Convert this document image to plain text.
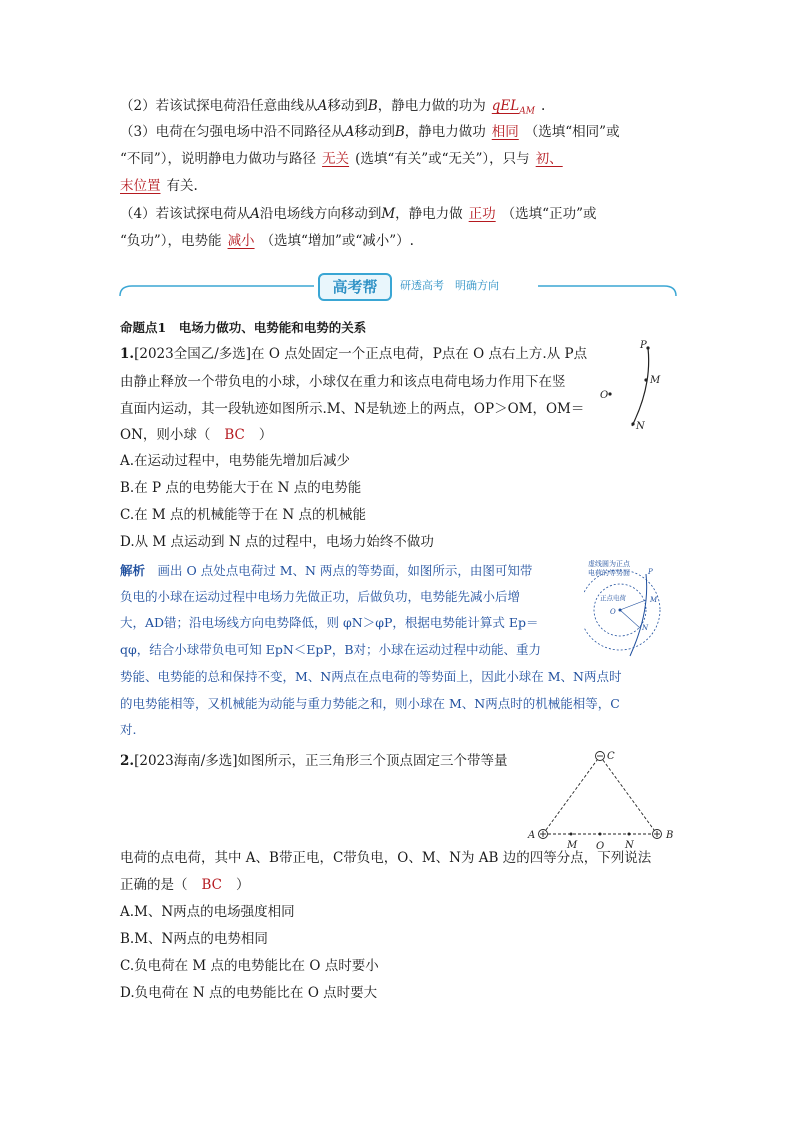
（2）若该试探电荷沿任意曲线从A移动到B，静电力做的功为 qEL$_{AM}$ .
（3）电荷在匀强电场中沿不同路径从A移动到B，静电力做功 相同 （选填“相同”或
“不同”），说明静电力做功与路径 无关 (选填“有关”或“无关”），只与 初、
末位置 有关.
（4）若该试探电荷从A沿电场线方向移动到M，静电力做 正功 （选填“正功”或
“负功”），电势能 减小 （选填“增加”或“减小”）.
高考帮	研透高考　明确方向
命题点1　 电场力做功、电势能和电势的关系
1.[2023全国乙/多选]在 O 点处固定一个正点电荷，P点在 O 点右上方.从 P点
由静止释放一个带负电的小球，小球仅在重力和该点电荷电场力作用下在竖
直面内运动，其一段轨迹如图所示.M、N是轨迹上的两点，OP＞OM，OM＝
ON，则小球（ BC ）
A.在运动过程中，电势能先增加后减少
B.在 P 点的电势能大于在 N 点的电势能
C.在 M 点的机械能等于在 N 点的机械能
D.从 M 点运动到 N 点的过程中，电场力始终不做功
P
M
N
O
解析　 画出 O 点处点电荷过 M、N 两点的等势面，如图所示，由图可知带
负电的小球在运动过程中电场力先做正功，后做负功，电势能先减小后增
大，AD错；沿电场线方向电势降低，则 φN＞φP，根据电势能计算式 Ep＝
qφ，结合小球带负电可知 EpN＜EpP，B对；小球在运动过程中动能、重力
势能、电势能的总和保持不变，M、N两点在点电荷的等势面上，因此小球在 M、N两点时
的电势能相等，又机械能为动能与重力势能之和，则小球在 M、N两点时的机械能相等，C
对.
虚线圆为正点
电荷的等势面
正点电荷
O
P
M
N
2.[2023海南/多选]如图所示，正三角形三个顶点固定三个带等量	C
A	B
M O N
电荷的点电荷，其中 A、B带正电，C带负电，O、M、N为 AB 边的四等分点，下列说法
正确的是（ BC ）
A.M、N两点的电场强度相同
B.M、N两点的电势相同
C.负电荷在 M 点的电势能比在 O 点时要小
D.负电荷在 N 点的电势能比在 O 点时要大
